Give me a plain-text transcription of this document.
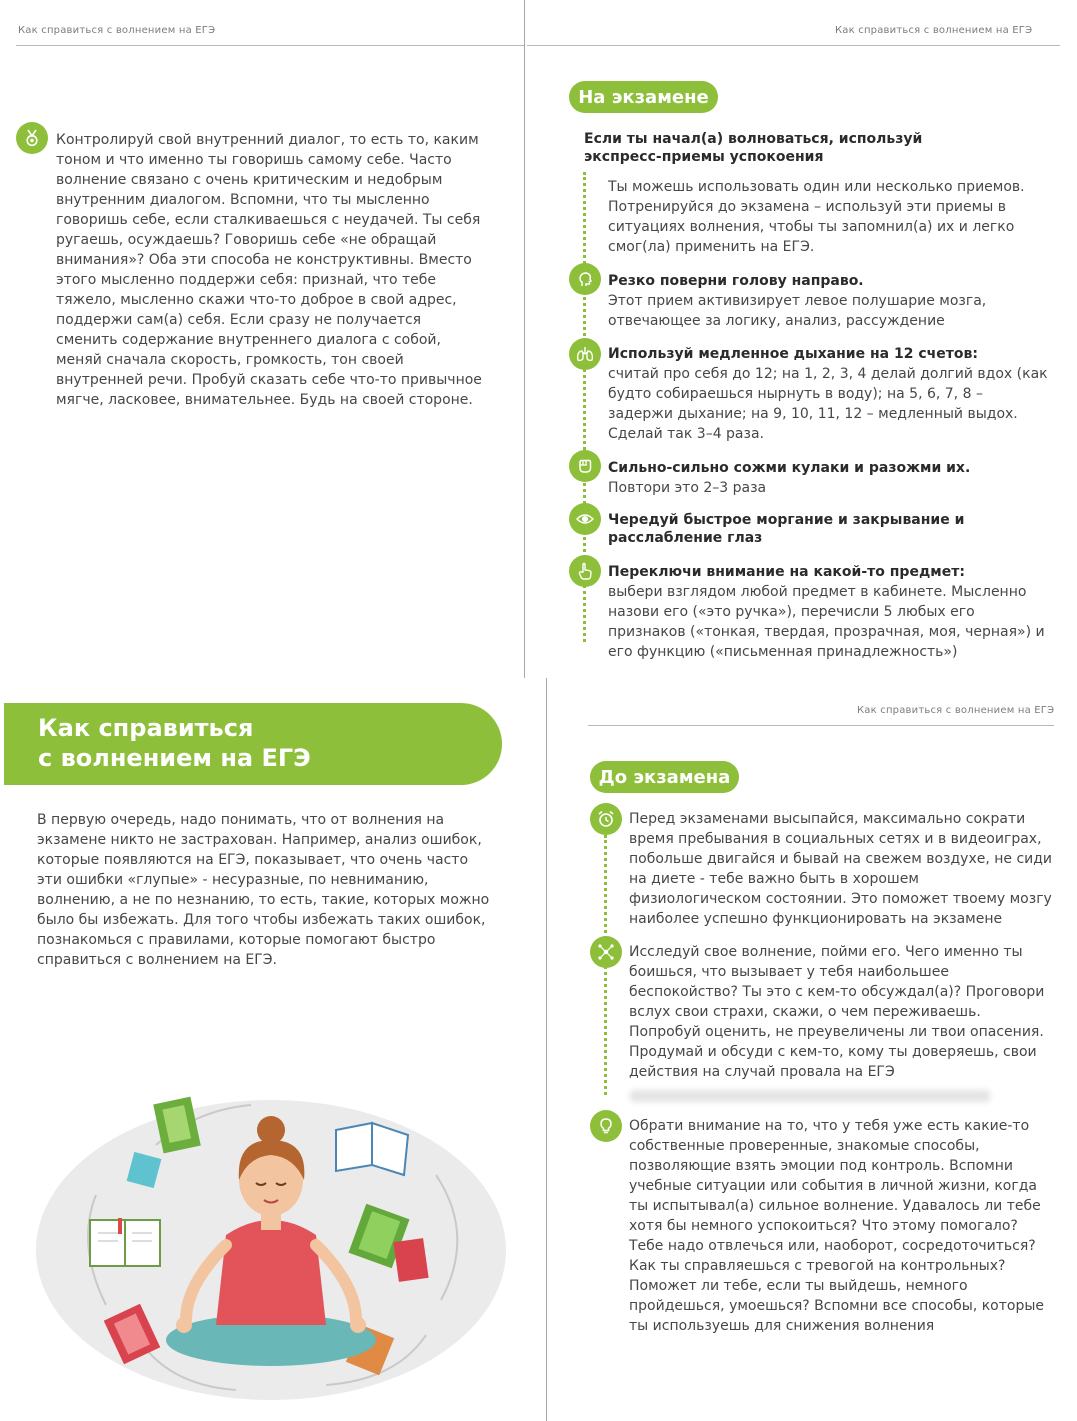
Как справиться с волнением на ЕГЭ
Контролируй свой внутренний диалог, то есть то, каким тоном и что именно ты говоришь самому себе. Часто волнение связано с очень критическим и недобрым внутренним диалогом. Вспомни, что ты мысленно говоришь себе, если сталкиваешься с неудачей. Ты себя ругаешь, осуждаешь? Говоришь себе «не обращай внимания»? Оба эти способа не конструктивны. Вместо этого мысленно поддержи себя: признай, что тебе тяжело, мысленно скажи что-то доброе в свой адрес, поддержи сам(а) себя. Если сразу не получается сменить содержание внутреннего диалога с собой, меняй сначала скорость, громкость, тон своей внутренней речи. Пробуй сказать себе что-то привычное мягче, ласковее, внимательнее. Будь на своей стороне.
Как справиться с волнением на ЕГЭ
На экзамене
Если ты начал(а) волноваться, используй экспресс-приемы успокоения
Ты можешь использовать один или несколько приемов. Потренируйся до экзамена – используй эти приемы в ситуациях волнения, чтобы ты запомнил(а) их и легко смог(ла) применить на ЕГЭ.
Резко поверни голову направо.
Этот прием активизирует левое полушарие мозга, отвечающее за логику, анализ, рассуждение
Используй медленное дыхание на 12 счетов:
считай про себя до 12; на 1, 2, 3, 4 делай долгий вдох (как будто собираешься нырнуть в воду); на 5, 6, 7, 8 – задержи дыхание; на 9, 10, 11, 12 – медленный выдох. Сделай так 3–4 раза.
Сильно-сильно сожми кулаки и разожми их.
Повтори это 2–3 раза
Чередуй быстрое моргание и закрывание и расслабление глаз
Переключи внимание на какой-то предмет:
выбери взглядом любой предмет в кабинете. Мысленно назови его («это ручка»), перечисли 5 любых его признаков («тонкая, твердая, прозрачная, моя, черная») и его функцию («письменная принадлежность»)
Как справиться
с волнением на ЕГЭ
В первую очередь, надо понимать, что от волнения на экзамене никто не застрахован. Например, анализ ошибок, которые появляются на ЕГЭ, показывает, что очень часто эти ошибки «глупые» - несуразные, по невниманию, волнению, а не по незнанию, то есть, такие, которых можно было бы избежать. Для того чтобы избежать таких ошибок, познакомься с правилами, которые помогают быстро справиться с волнением на ЕГЭ.
Как справиться с волнением на ЕГЭ
До экзамена
Перед экзаменами высыпайся, максимально сократи время пребывания в социальных сетях и в видеоиграх, побольше двигайся и бывай на свежем воздухе, не сиди на диете - тебе важно быть в хорошем физиологическом состоянии. Это поможет твоему мозгу наиболее успешно функционировать на экзамене
Исследуй свое волнение, пойми его. Чего именно ты боишься, что вызывает у тебя наибольшее беспокойство? Ты это с кем-то обсуждал(а)? Проговори вслух свои страхи, скажи, о чем переживаешь. Попробуй оценить, не преувеличены ли твои опасения. Продумай и обсуди с кем-то, кому ты доверяешь, свои действия на случай провала на ЕГЭ
Обрати внимание на то, что у тебя уже есть какие-то собственные проверенные, знакомые способы, позволяющие взять эмоции под контроль. Вспомни учебные ситуации или события в личной жизни, когда ты испытывал(а) сильное волнение. Удавалось ли тебе хотя бы немного успокоиться? Что этому помогало? Тебе надо отвлечься или, наоборот, сосредоточиться? Как ты справляешься с тревогой на контрольных? Поможет ли тебе, если ты выйдешь, немного пройдешься, умоешься? Вспомни все способы, которые ты используешь для снижения волнения
